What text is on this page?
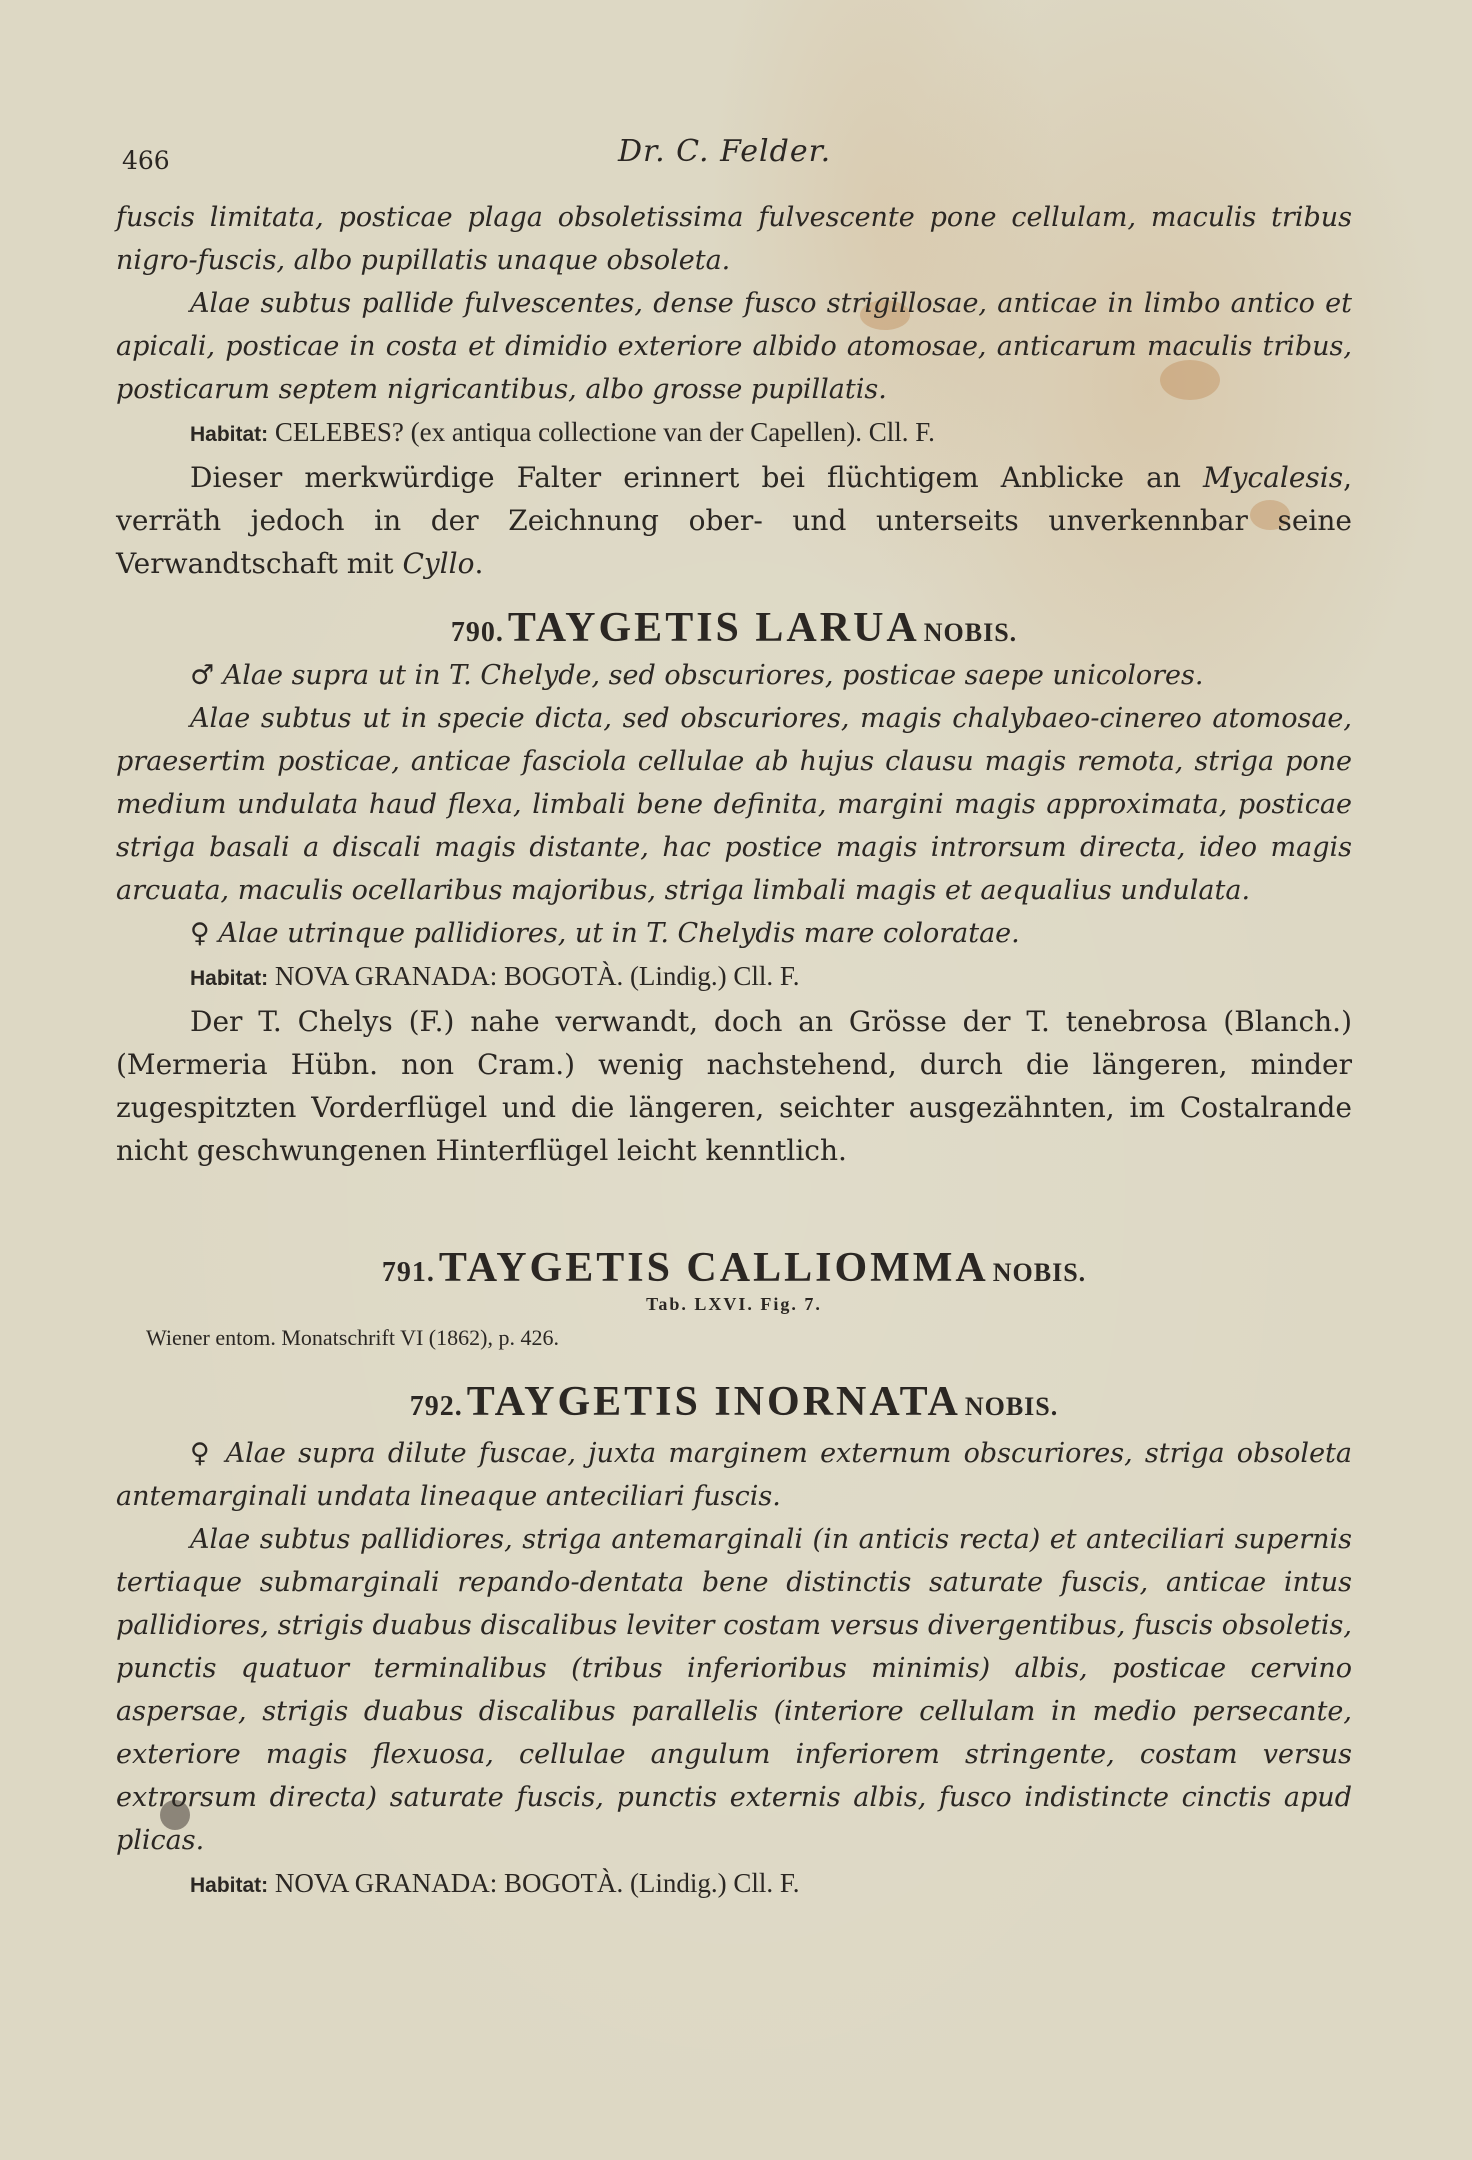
466	Dr. C. Felder.

fuscis limitata, posticae plaga obsoletissima fulvescente pone cellulam, maculis tribus nigro-fuscis, albo pupillatis unaque obsoleta.

Alae subtus pallide fulvescentes, dense fusco strigillosae, anticae in limbo antico et apicali, posticae in costa et dimidio exteriore albido atomosae, anticarum maculis tribus, posticarum septem nigricantibus, albo grosse pupillatis.

Habitat: CELEBES? (ex antiqua collectione van der Capellen). Cll. F.

Dieser merkwürdige Falter erinnert bei flüchtigem Anblicke an Mycalesis, verräth jedoch in der Zeichnung ober- und unterseits unverkennbar seine Verwandtschaft mit Cyllo.

790. TAYGETIS LARUA NOBIS.

♂ Alae supra ut in T. Chelyde, sed obscuriores, posticae saepe unicolores.

Alae subtus ut in specie dicta, sed obscuriores, magis chalybaeo-cinereo atomosae, praesertim posticae, anticae fasciola cellulae ab hujus clausu magis remota, striga pone medium undulata haud flexa, limbali bene definita, margini magis approximata, posticae striga basali a discali magis distante, hac postice magis introrsum directa, ideo magis arcuata, maculis ocellaribus majoribus, striga limbali magis et aequalius undulata.

♀ Alae utrinque pallidiores, ut in T. Chelydis mare coloratae.

Habitat: NOVA GRANADA: BOGOTÀ. (Lindig.) Cll. F.

Der T. Chelys (F.) nahe verwandt, doch an Grösse der T. tenebrosa (Blanch.) (Mermeria Hübn. non Cram.) wenig nachstehend, durch die längeren, minder zugespitzten Vorderflügel und die längeren, seichter ausgezähnten, im Costalrande nicht geschwungenen Hinterflügel leicht kenntlich.

791. TAYGETIS CALLIOMMA NOBIS.
Tab. LXVI. Fig. 7.
Wiener entom. Monatschrift VI (1862), p. 426.
792. TAYGETIS INORNATA NOBIS.

♀ Alae supra dilute fuscae, juxta marginem externum obscuriores, striga obsoleta antemarginali undata lineaque anteciliari fuscis.

Alae subtus pallidiores, striga antemarginali (in anticis recta) et anteciliari supernis tertiaque submarginali repando-dentata bene distinctis saturate fuscis, anticae intus pallidiores, strigis duabus discalibus leviter costam versus divergentibus, fuscis obsoletis, punctis quatuor terminalibus (tribus inferioribus minimis) albis, posticae cervino aspersae, strigis duabus discalibus parallelis (interiore cellulam in medio persecante, exteriore magis flexuosa, cellulae angulum inferiorem stringente, costam versus extrorsum directa) saturate fuscis, punctis externis albis, fusco indistincte cinctis apud plicas.

Habitat: NOVA GRANADA: BOGOTÀ. (Lindig.) Cll. F.
